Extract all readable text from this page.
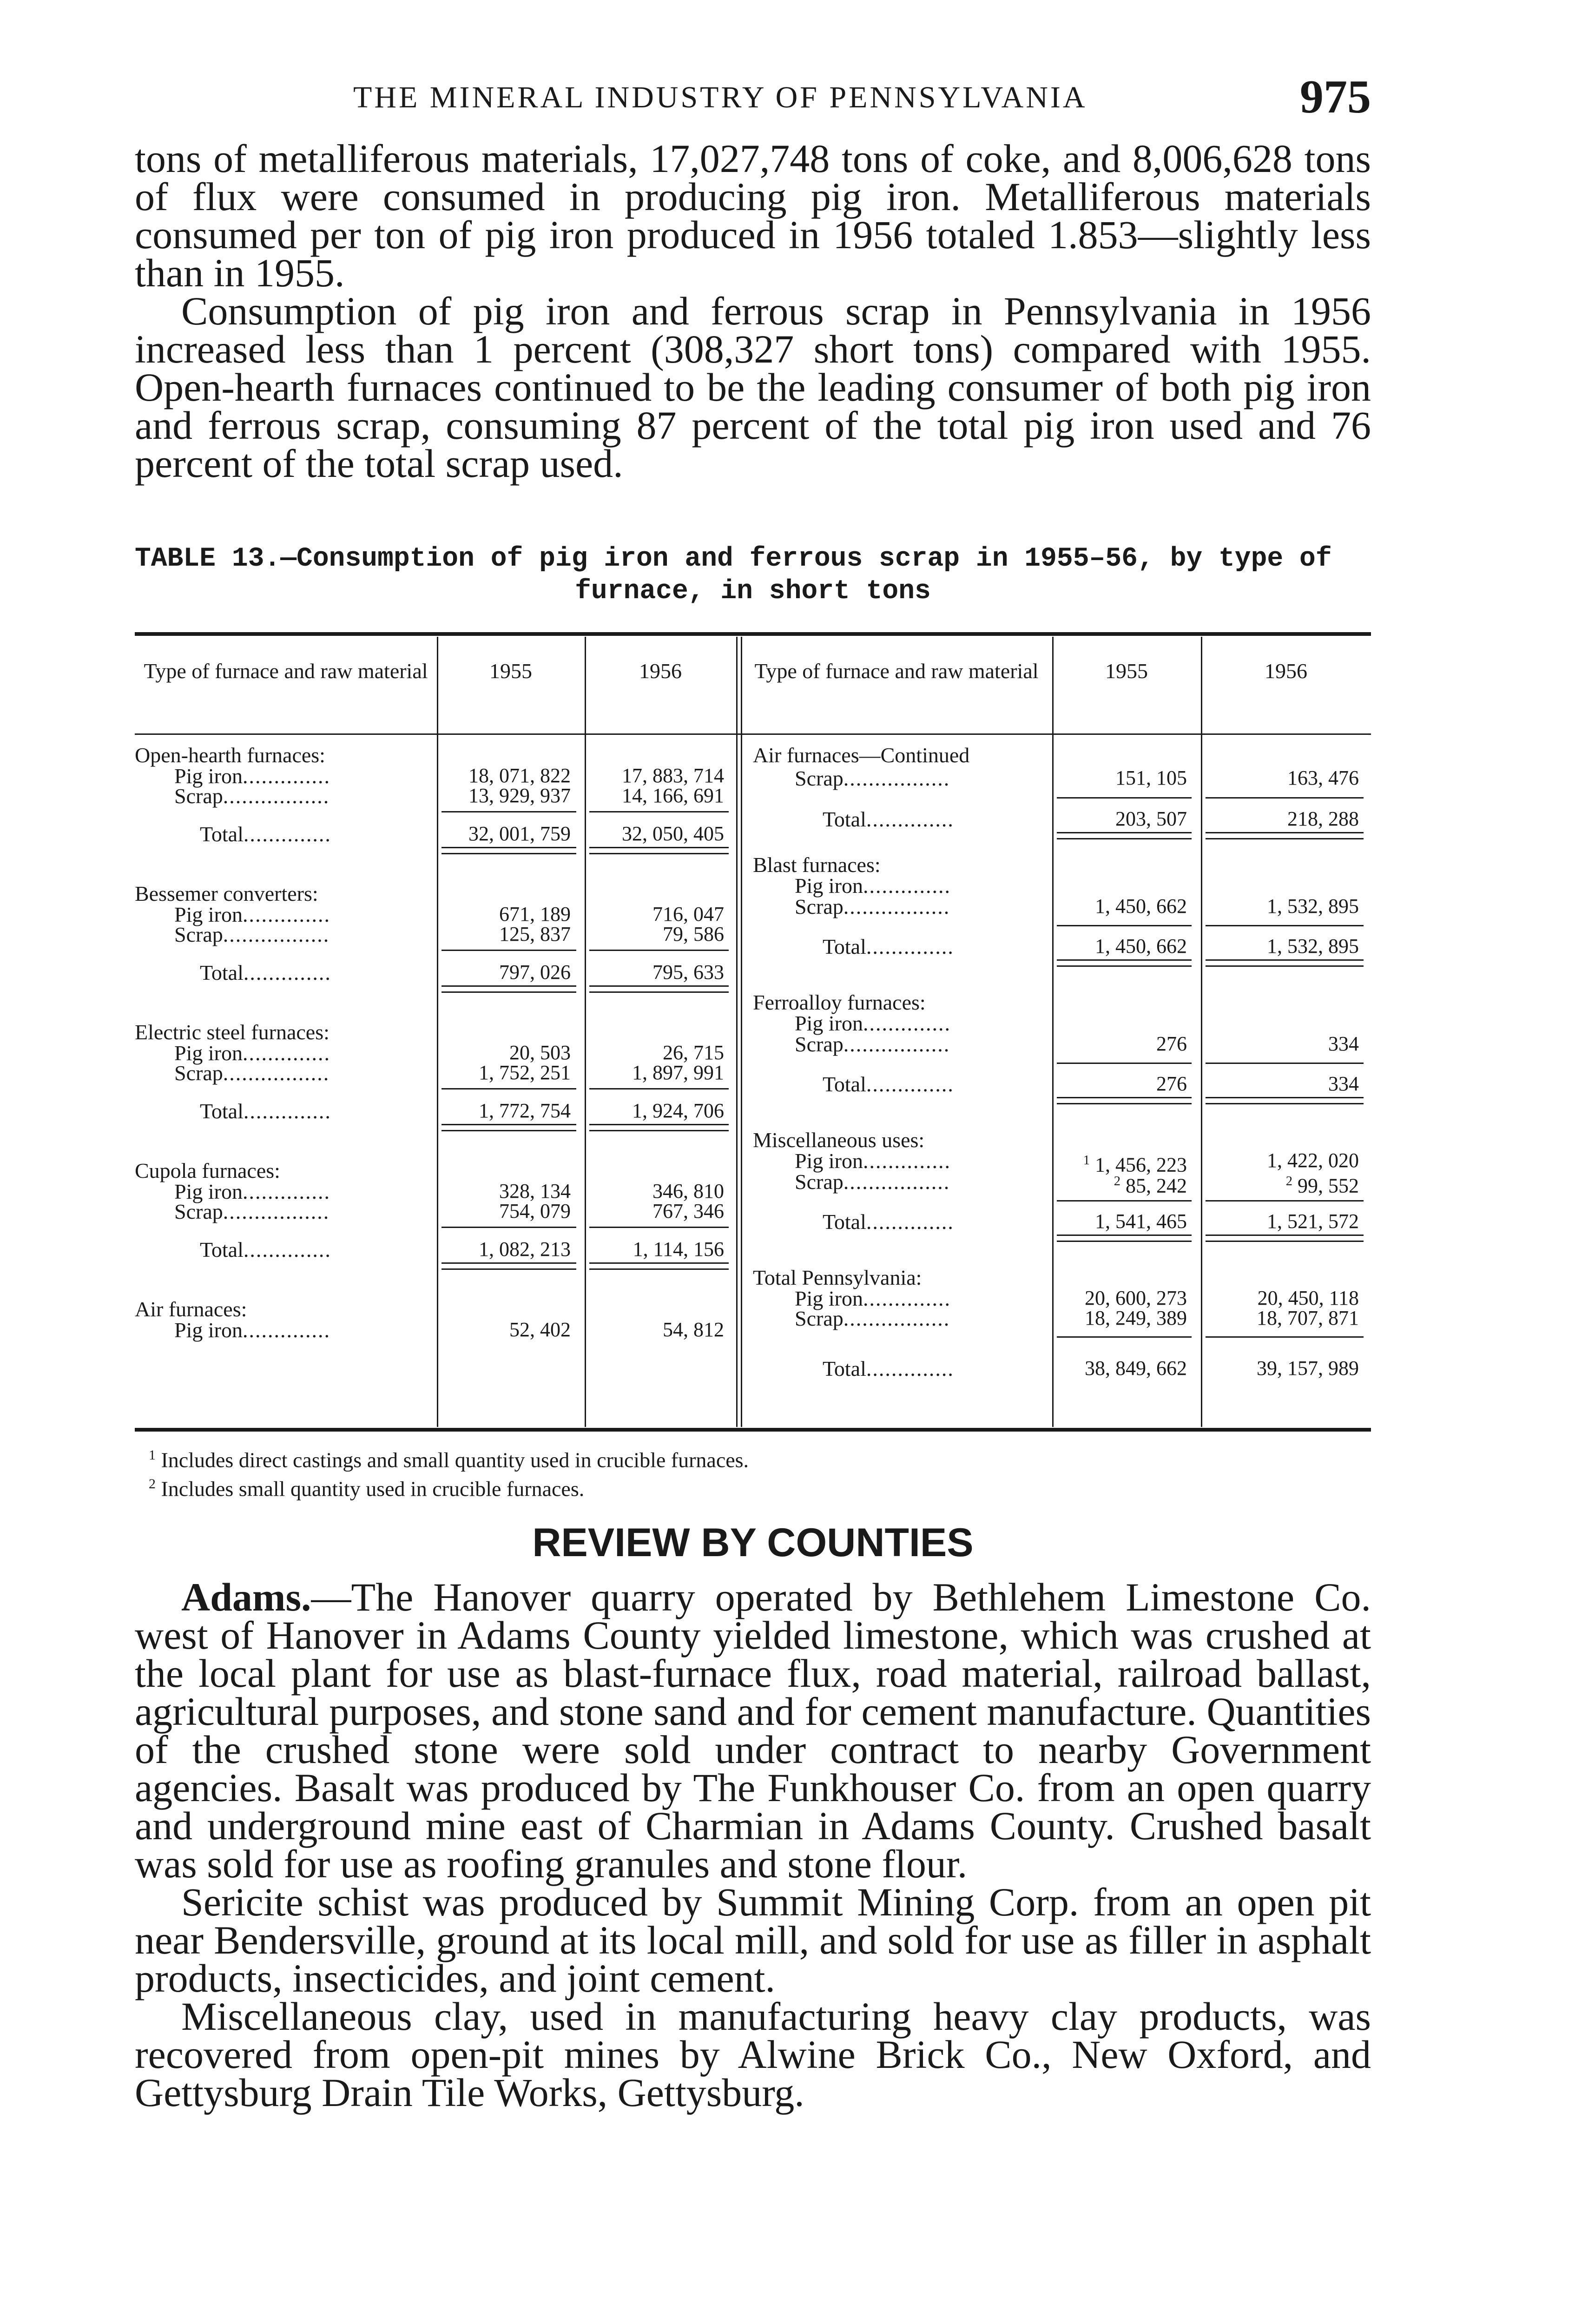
THE MINERAL INDUSTRY OF PENNSYLVANIA	975

tons of metalliferous materials, 17,027,748 tons of coke, and 8,006,628 tons of flux were consumed in producing pig iron. Metalliferous materials consumed per ton of pig iron produced in 1956 totaled 1.853—slightly less than in 1955.

Consumption of pig iron and ferrous scrap in Pennsylvania in 1956 increased less than 1 percent (308,327 short tons) compared with 1955. Open-hearth furnaces continued to be the leading consumer of both pig iron and ferrous scrap, consuming 87 percent of the total pig iron used and 76 percent of the total scrap used.

TABLE 13.—Consumption of pig iron and ferrous scrap in 1955–56, by type of
furnace, in short tons
Type of furnace and raw material	1955	1956	Type of furnace and raw material	1955	1956
Open-hearth furnaces:
Pig iron..............	18, 071, 822	17, 883, 714
Scrap.................	13, 929, 937	14, 166, 691
Total..............	32, 001, 759	32, 050, 405
Bessemer converters:
Pig iron..............	671, 189	716, 047
Scrap.................	125, 837	79, 586
Total..............	797, 026	795, 633
Electric steel furnaces:
Pig iron..............	20, 503	26, 715
Scrap.................	1, 752, 251	1, 897, 991
Total..............	1, 772, 754	1, 924, 706
Cupola furnaces:
Pig iron..............	328, 134	346, 810
Scrap.................	754, 079	767, 346
Total..............	1, 082, 213	1, 114, 156
Air furnaces:
Pig iron..............	52, 402	54, 812
Air furnaces—Continued
Scrap.................	151, 105	163, 476
Total..............	203, 507	218, 288
Blast furnaces:
Pig iron..............
Scrap.................	1, 450, 662	1, 532, 895
Total..............	1, 450, 662	1, 532, 895
Ferroalloy furnaces:
Pig iron..............
Scrap.................	276	334
Total..............	276	334
Miscellaneous uses:
Pig iron..............	$^1$ 1, 456, 223	1, 422, 020
Scrap.................	$^2$ 85, 242	$^2$ 99, 552
Total..............	1, 541, 465	1, 521, 572
Total Pennsylvania:
Pig iron..............	20, 600, 273	20, 450, 118
Scrap.................	18, 249, 389	18, 707, 871
Total..............	38, 849, 662	39, 157, 989
$^1$ Includes direct castings and small quantity used in crucible furnaces.
$^2$ Includes small quantity used in crucible furnaces.
REVIEW BY COUNTIES

Adams.—The Hanover quarry operated by Bethlehem Limestone Co. west of Hanover in Adams County yielded limestone, which was crushed at the local plant for use as blast-furnace flux, road material, railroad ballast, agricultural purposes, and stone sand and for cement manufacture. Quantities of the crushed stone were sold under contract to nearby Government agencies. Basalt was produced by The Funkhouser Co. from an open quarry and underground mine east of Charmian in Adams County. Crushed basalt was sold for use as roofing granules and stone flour.

Sericite schist was produced by Summit Mining Corp. from an open pit near Bendersville, ground at its local mill, and sold for use as filler in asphalt products, insecticides, and joint cement.

Miscellaneous clay, used in manufacturing heavy clay products, was recovered from open-pit mines by Alwine Brick Co., New Oxford, and Gettysburg Drain Tile Works, Gettysburg.
